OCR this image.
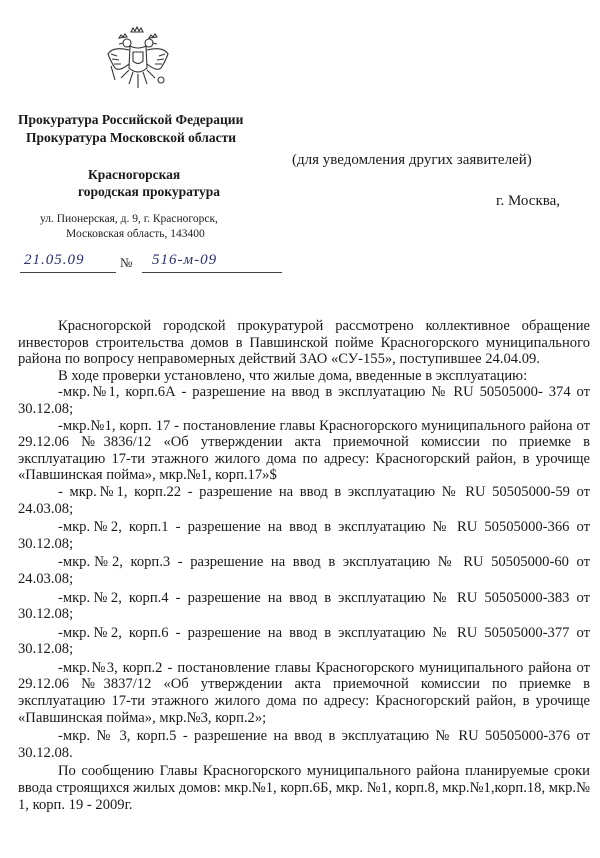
Прокуратура Российской Федерации
Прокуратура Московской области
Красногорская
городская прокуратура
ул. Пионерская, д. 9, г. Красногорск,
Московская область, 143400
(для уведомления других заявителей)
г. Москва,
21.05.09	№ 516-м-09

Красногорской городской прокуратурой рассмотрено коллективное обращение инвесторов строительства домов в Павшинской пойме Красногорского муниципального района по вопросу неправомерных действий ЗАО «СУ-155», поступившее 24.04.09.

В ходе проверки установлено, что жилые дома, введенные в эксплуатацию:

-мкр.№1, корп.6А - разрешение на ввод в эксплуатацию № RU 50505000- 374 от 30.12.08;

-мкр.№1, корп. 17 - постановление главы Красногорского муниципального района от 29.12.06 №3836/12 «Об утверждении акта приемочной комиссии по приемке в эксплуатацию 17-ти этажного жилого дома по адресу: Красногорский район, в урочище «Павшинская пойма», мкр.№1, корп.17»$

- мкр.№1, корп.22 - разрешение на ввод в эксплуатацию № RU 50505000-59 от 24.03.08;

-мкр.№2, корп.1 - разрешение на ввод в эксплуатацию № RU 50505000-366 от 30.12.08;

-мкр.№2, корп.3 - разрешение на ввод в эксплуатацию № RU 50505000-60 от 24.03.08;

-мкр.№2, корп.4 - разрешение на ввод в эксплуатацию № RU 50505000-383 от 30.12.08;

-мкр.№2, корп.6 - разрешение на ввод в эксплуатацию № RU 50505000-377 от 30.12.08;

-мкр.№3, корп.2 - постановление главы Красногорского муниципального района от 29.12.06 №3837/12 «Об утверждении акта приемочной комиссии по приемке в эксплуатацию 17-ти этажного жилого дома по адресу: Красногорский район, в урочище «Павшинская пойма», мкр.№3, корп.2»;

-мкр. № 3, корп.5 - разрешение на ввод в эксплуатацию № RU 50505000-376 от 30.12.08.

По сообщению Главы Красногорского муниципального района планируемые сроки ввода строящихся жилых домов: мкр.№1, корп.6Б, мкр. №1, корп.8, мкр.№1,корп.18, мкр.№ 1, корп. 19 - 2009г.
